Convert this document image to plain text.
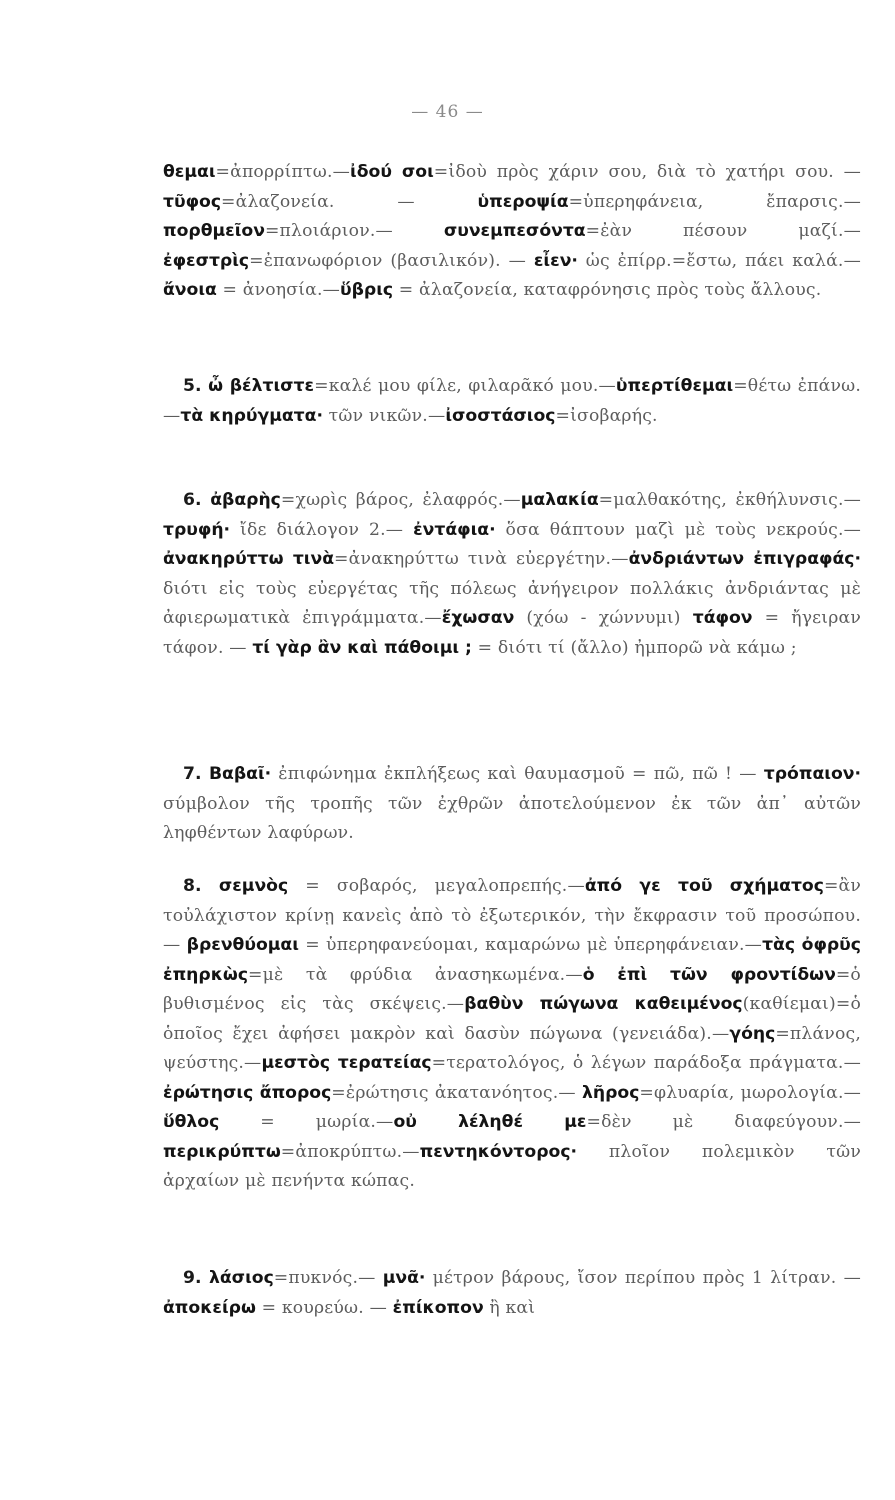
— 46 —
θεμαι=ἀπορρίπτω.—ἰδού σοι=ἰδοὺ πρὸς χάριν σου, διὰ τὸ χατήρι σου. — τῦφος=ἀλαζονεία. — ὑπεροψία=ὑπερηφάνεια, ἔπαρσις.—πορθμεῖον=πλοιάριον.— συνεμπεσόντα=ἐὰν πέσουν μαζί.—ἐφεστρὶς=ἐπανωφόριον (βασιλικόν). — εἶεν· ὡς ἐπίρρ.=ἔστω, πάει καλά.—ἄνοια = ἀνοησία.—ὕβρις = ἀλαζονεία, καταφρόνησις πρὸς τοὺς ἄλλους.
5. ὦ βέλτιστε=καλέ μου φίλε, φιλαρᾶκό μου.—ὑπερτίθεμαι=θέτω ἐπάνω.—τὰ κηρύγματα· τῶν νικῶν.—ἰσοστάσιος=ἰσοβαρής.
6. ἀβαρὴς=χωρὶς βάρος, ἐλαφρός.—μαλακία=μαλθακότης, ἐκθήλυνσις.—τρυφή· ἴδε διάλογον 2.— ἐντάφια· ὅσα θάπτουν μαζὶ μὲ τοὺς νεκρούς.—ἀνακηρύττω τινὰ=ἀνακηρύττω τινὰ εὐεργέτην.—ἀνδριάντων ἐπιγραφάς· διότι εἰς τοὺς εὐεργέτας τῆς πόλεως ἀνήγειρον πολλάκις ἀνδριάντας μὲ ἀφιερωματικὰ ἐπιγράμματα.—ἔχωσαν (χόω - χώννυμι) τάφον = ἤγειραν τάφον. — τί γὰρ ἂν καὶ πάθοιμι ; = διότι τί (ἄλλο) ἠμπορῶ νὰ κάμω ;
7. Βαβαῖ· ἐπιφώνημα ἐκπλήξεως καὶ θαυμασμοῦ = πῶ, πῶ ! — τρόπαιον· σύμβολον τῆς τροπῆς τῶν ἐχθρῶν ἀποτελούμενον ἐκ τῶν ἀπ᾽ αὐτῶν ληφθέντων λαφύρων.
8. σεμνὸς = σοβαρός, μεγαλοπρεπής.—ἀπό γε τοῦ σχήματος=ἂν τοὐλάχιστον κρίνῃ κανεὶς ἀπὸ τὸ ἐξωτερικόν, τὴν ἔκφρασιν τοῦ προσώπου. — βρενθύομαι = ὑπερηφανεύομαι, καμαρώνω μὲ ὑπερηφάνειαν.—τὰς ὀφρῦς ἐπηρκὼς=μὲ τὰ φρύδια ἀνασηκωμένα.—ὁ ἐπὶ τῶν φροντίδων=ὁ βυθισμένος εἰς τὰς σκέψεις.—βαθὺν πώγωνα καθειμένος(καθίεμαι)=ὁ ὁποῖος ἔχει ἀφήσει μακρὸν καὶ δασὺν πώγωνα (γενειάδα).—γόης=πλάνος, ψεύστης.—μεστὸς τερατείας=τερατολόγος, ὁ λέγων παράδοξα πράγματα.—ἐρώτησις ἄπορος=ἐρώτησις ἀκατανόητος.— λῆρος=φλυαρία, μωρολογία.—ὕθλος = μωρία.—οὐ λέληθέ με=δὲν μὲ διαφεύγουν.—περικρύπτω=ἀποκρύπτω.—πεντηκόντορος· πλοῖον πολεμικὸν τῶν ἀρχαίων μὲ πενήντα κώπας.
9. λάσιος=πυκνός.— μνᾶ· μέτρον βάρους, ἴσον περίπου πρὸς 1 λίτραν. — ἀποκείρω = κουρεύω. — ἐπίκοπον ἢ καὶ
